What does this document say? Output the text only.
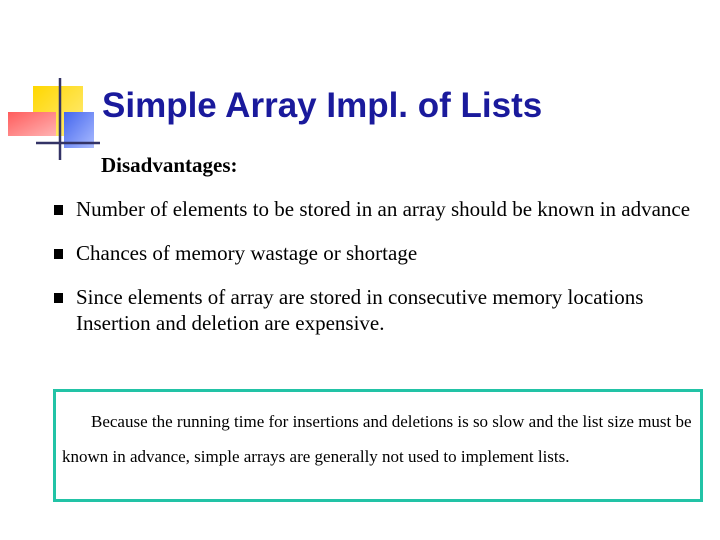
Simple Array Impl. of Lists
Disadvantages:
Number of elements to be stored in an array should be known in advance
Chances of memory wastage or shortage
Since elements of array are stored in consecutive memory locations Insertion and deletion are expensive.
Because the running time for insertions and deletions is so slow and the list size must be known in advance, simple arrays are generally not used to implement lists.
